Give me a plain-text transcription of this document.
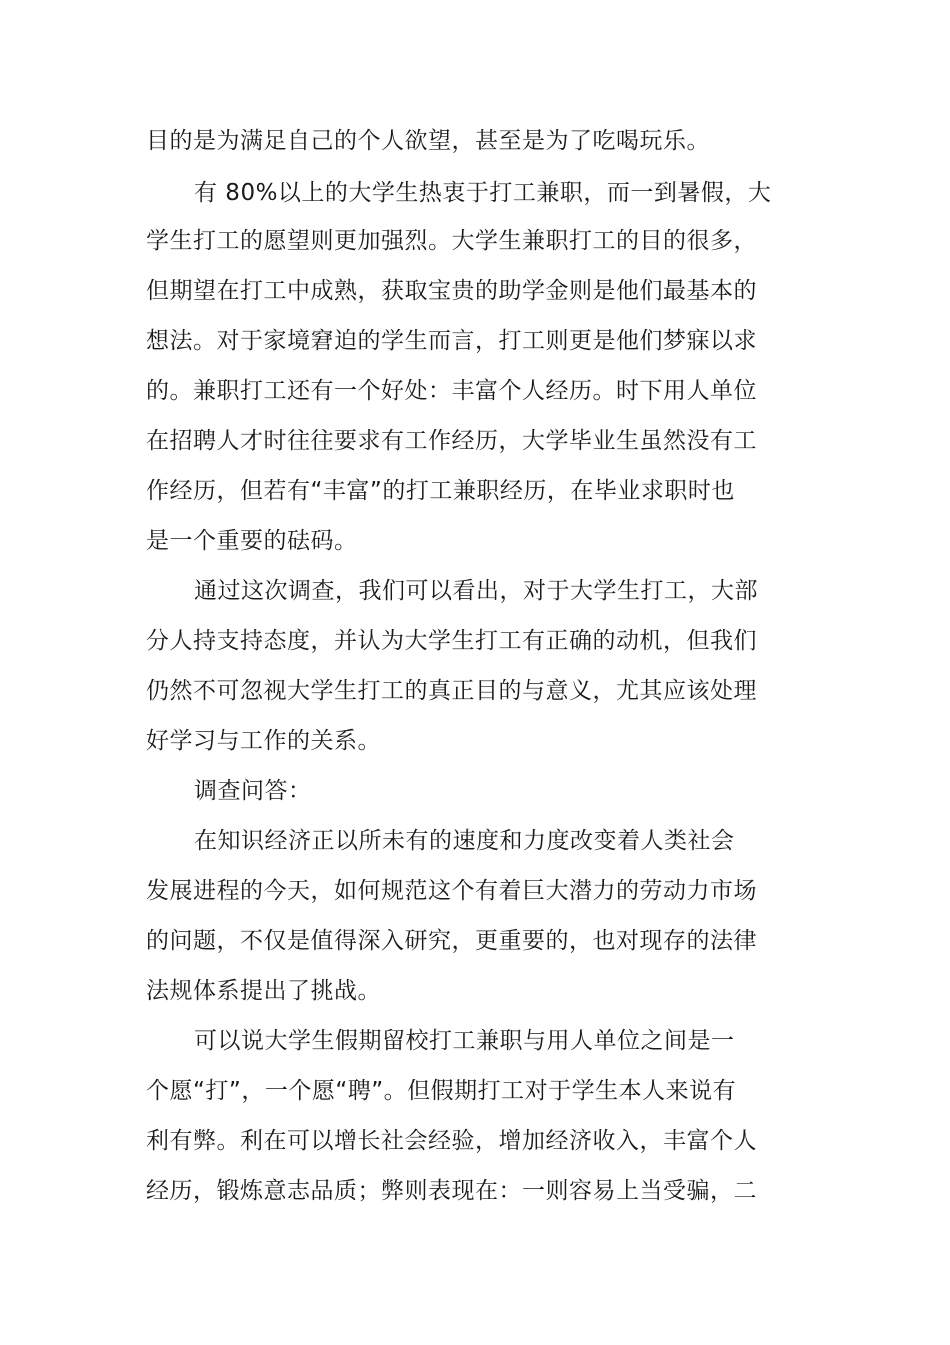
目的是为满足自己的个人欲望，甚至是为了吃喝玩乐。
有 80%以上的大学生热衷于打工兼职，而一到暑假，大
学生打工的愿望则更加强烈。大学生兼职打工的目的很多，
但期望在打工中成熟，获取宝贵的助学金则是他们最基本的
想法。对于家境窘迫的学生而言，打工则更是他们梦寐以求
的。兼职打工还有一个好处：丰富个人经历。时下用人单位
在招聘人才时往往要求有工作经历，大学毕业生虽然没有工
作经历，但若有“丰富”的打工兼职经历，在毕业求职时也
是一个重要的砝码。
通过这次调查，我们可以看出，对于大学生打工，大部
分人持支持态度，并认为大学生打工有正确的动机，但我们
仍然不可忽视大学生打工的真正目的与意义，尤其应该处理
好学习与工作的关系。
调查问答：
在知识经济正以所未有的速度和力度改变着人类社会
发展进程的今天，如何规范这个有着巨大潜力的劳动力市场
的问题，不仅是值得深入研究，更重要的，也对现存的法律
法规体系提出了挑战。
可以说大学生假期留校打工兼职与用人单位之间是一
个愿“打”，一个愿“聘”。但假期打工对于学生本人来说有
利有弊。利在可以增长社会经验，增加经济收入，丰富个人
经历，锻炼意志品质；弊则表现在：一则容易上当受骗，二
